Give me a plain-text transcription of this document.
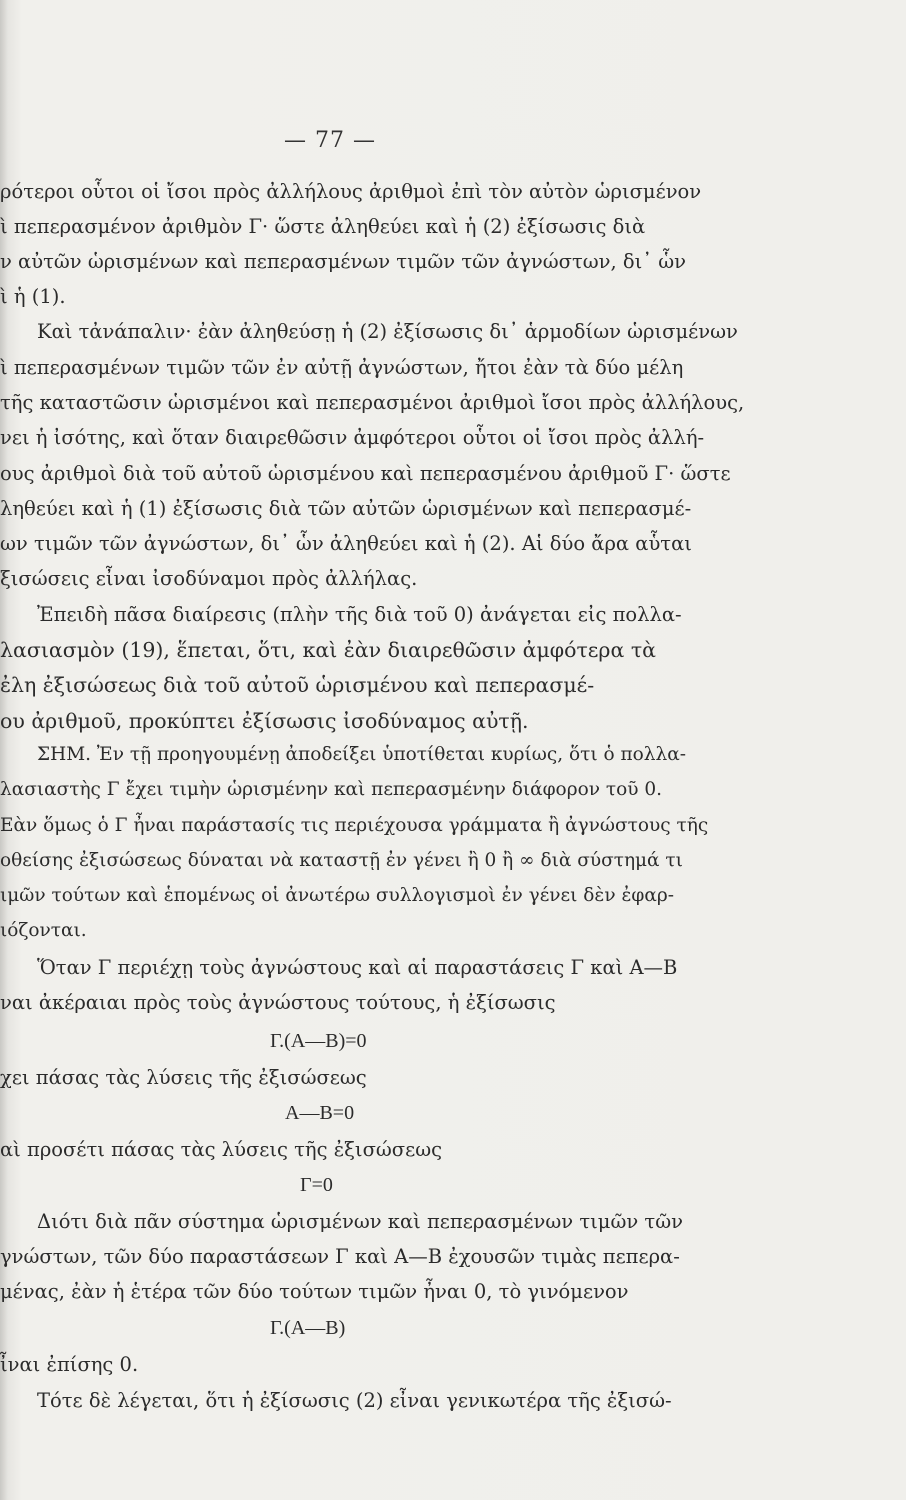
— 77 —
ρότεροι οὗτοι οἱ ἴσοι πρὸς ἀλλήλους ἀριθμοὶ ἐπὶ τὸν αὐτὸν ὡρισμένον
ὶ πεπερασμένον ἀριθμὸν Γ· ὥστε ἀληθεύει καὶ ἡ (2) ἐξίσωσις διὰ
ν αὐτῶν ὡρισμένων καὶ πεπερασμένων τιμῶν τῶν ἀγνώστων, δι᾽ ὧν
ὶ ἡ (1).
Καὶ τἀνάπαλιν· ἐὰν ἀληθεύσῃ ἡ (2) ἐξίσωσις δι᾽ ἁρμοδίων ὡρισμένων
ὶ πεπερασμένων τιμῶν τῶν ἐν αὐτῇ ἀγνώστων, ἤτοι ἐὰν τὰ δύο μέλη
τῆς καταστῶσιν ὡρισμένοι καὶ πεπερασμένοι ἀριθμοὶ ἴσοι πρὸς ἀλλήλους,
νει ἡ ἰσότης, καὶ ὅταν διαιρεθῶσιν ἀμφότεροι οὗτοι οἱ ἴσοι πρὸς ἀλλή-
ους ἀριθμοὶ διὰ τοῦ αὐτοῦ ὡρισμένου καὶ πεπερασμένου ἀριθμοῦ Γ· ὥστε
ληθεύει καὶ ἡ (1) ἐξίσωσις διὰ τῶν αὐτῶν ὡρισμένων καὶ πεπερασμέ-
ων τιμῶν τῶν ἀγνώστων, δι᾽ ὧν ἀληθεύει καὶ ἡ (2). Αἱ δύο ἄρα αὗται
ξισώσεις εἶναι ἰσοδύναμοι πρὸς ἀλλήλας.
Ἐπειδὴ πᾶσα διαίρεσις (πλὴν τῆς διὰ τοῦ 0) ἀνάγεται εἰς πολλα-
λασιασμὸν (19), ἕπεται, ὅτι, καὶ ἐὰν διαιρεθῶσιν ἀμφότερα τὰ
ἐλη ἐξισώσεως διὰ τοῦ αὐτοῦ ὡρισμένου καὶ πεπερασμέ-
ου ἀριθμοῦ, προκύπτει ἐξίσωσις ἰσοδύναμος αὐτῇ.
ΣΗΜ. Ἐν τῇ προηγουμένῃ ἀποδείξει ὑποτίθεται κυρίως, ὅτι ὁ πολλα-
λασιαστὴς Γ ἔχει τιμὴν ὡρισμένην καὶ πεπερασμένην διάφορον τοῦ 0.
Εὰν ὅμως ὁ Γ ἦναι παράστασίς τις περιέχουσα γράμματα ἢ ἀγνώστους τῆς
οθείσης ἐξισώσεως δύναται νὰ καταστῇ ἐν γένει ἢ 0 ἢ ∞ διὰ σύστημά τι
ιμῶν τούτων καὶ ἑπομένως οἱ ἀνωτέρω συλλογισμοὶ ἐν γένει δὲν ἐφαρ-
ιόζονται.
Ὅταν Γ περιέχῃ τοὺς ἀγνώστους καὶ αἱ παραστάσεις Γ καὶ Α—Β
ναι ἀκέραιαι πρὸς τοὺς ἀγνώστους τούτους, ἡ ἐξίσωσις
Γ.(Α—Β)=0
χει πάσας τὰς λύσεις τῆς ἐξισώσεως
Α—Β=0
αὶ προσέτι πάσας τὰς λύσεις τῆς ἐξισώσεως
Γ=0
Διότι διὰ πᾶν σύστημα ὡρισμένων καὶ πεπερασμένων τιμῶν τῶν
γνώστων, τῶν δύο παραστάσεων Γ καὶ Α—Β ἐχουσῶν τιμὰς πεπερα-
μένας, ἐὰν ἡ ἑτέρα τῶν δύο τούτων τιμῶν ἦναι 0, τὸ γινόμενον
Γ.(Α—Β)
ἶναι ἐπίσης 0.
Τότε δὲ λέγεται, ὅτι ἡ ἐξίσωσις (2) εἶναι γενικωτέρα τῆς ἐξισώ-
